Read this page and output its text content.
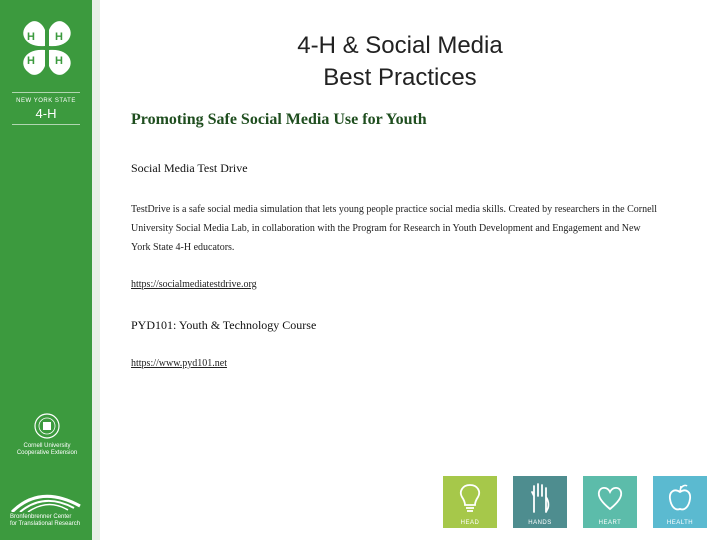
H H
H H
NEW YORK STATE
4-H
Cornell University
Cooperative Extension
Bronfenbrenner Center
for Translational Research
4-H & Social Media
Best Practices
Promoting Safe Social Media Use for Youth
Social Media Test Drive
TestDrive is a safe social media simulation that lets young people practice social media skills. Created by researchers in the Cornell University Social Media Lab, in collaboration with the Program for Research in Youth Development and Engagement and New York State 4-H educators.
https://socialmediatestdrive.org
PYD101: Youth & Technology Course
https://www.pyd101.net
HEAD	HANDS	HEART	HEALTH
